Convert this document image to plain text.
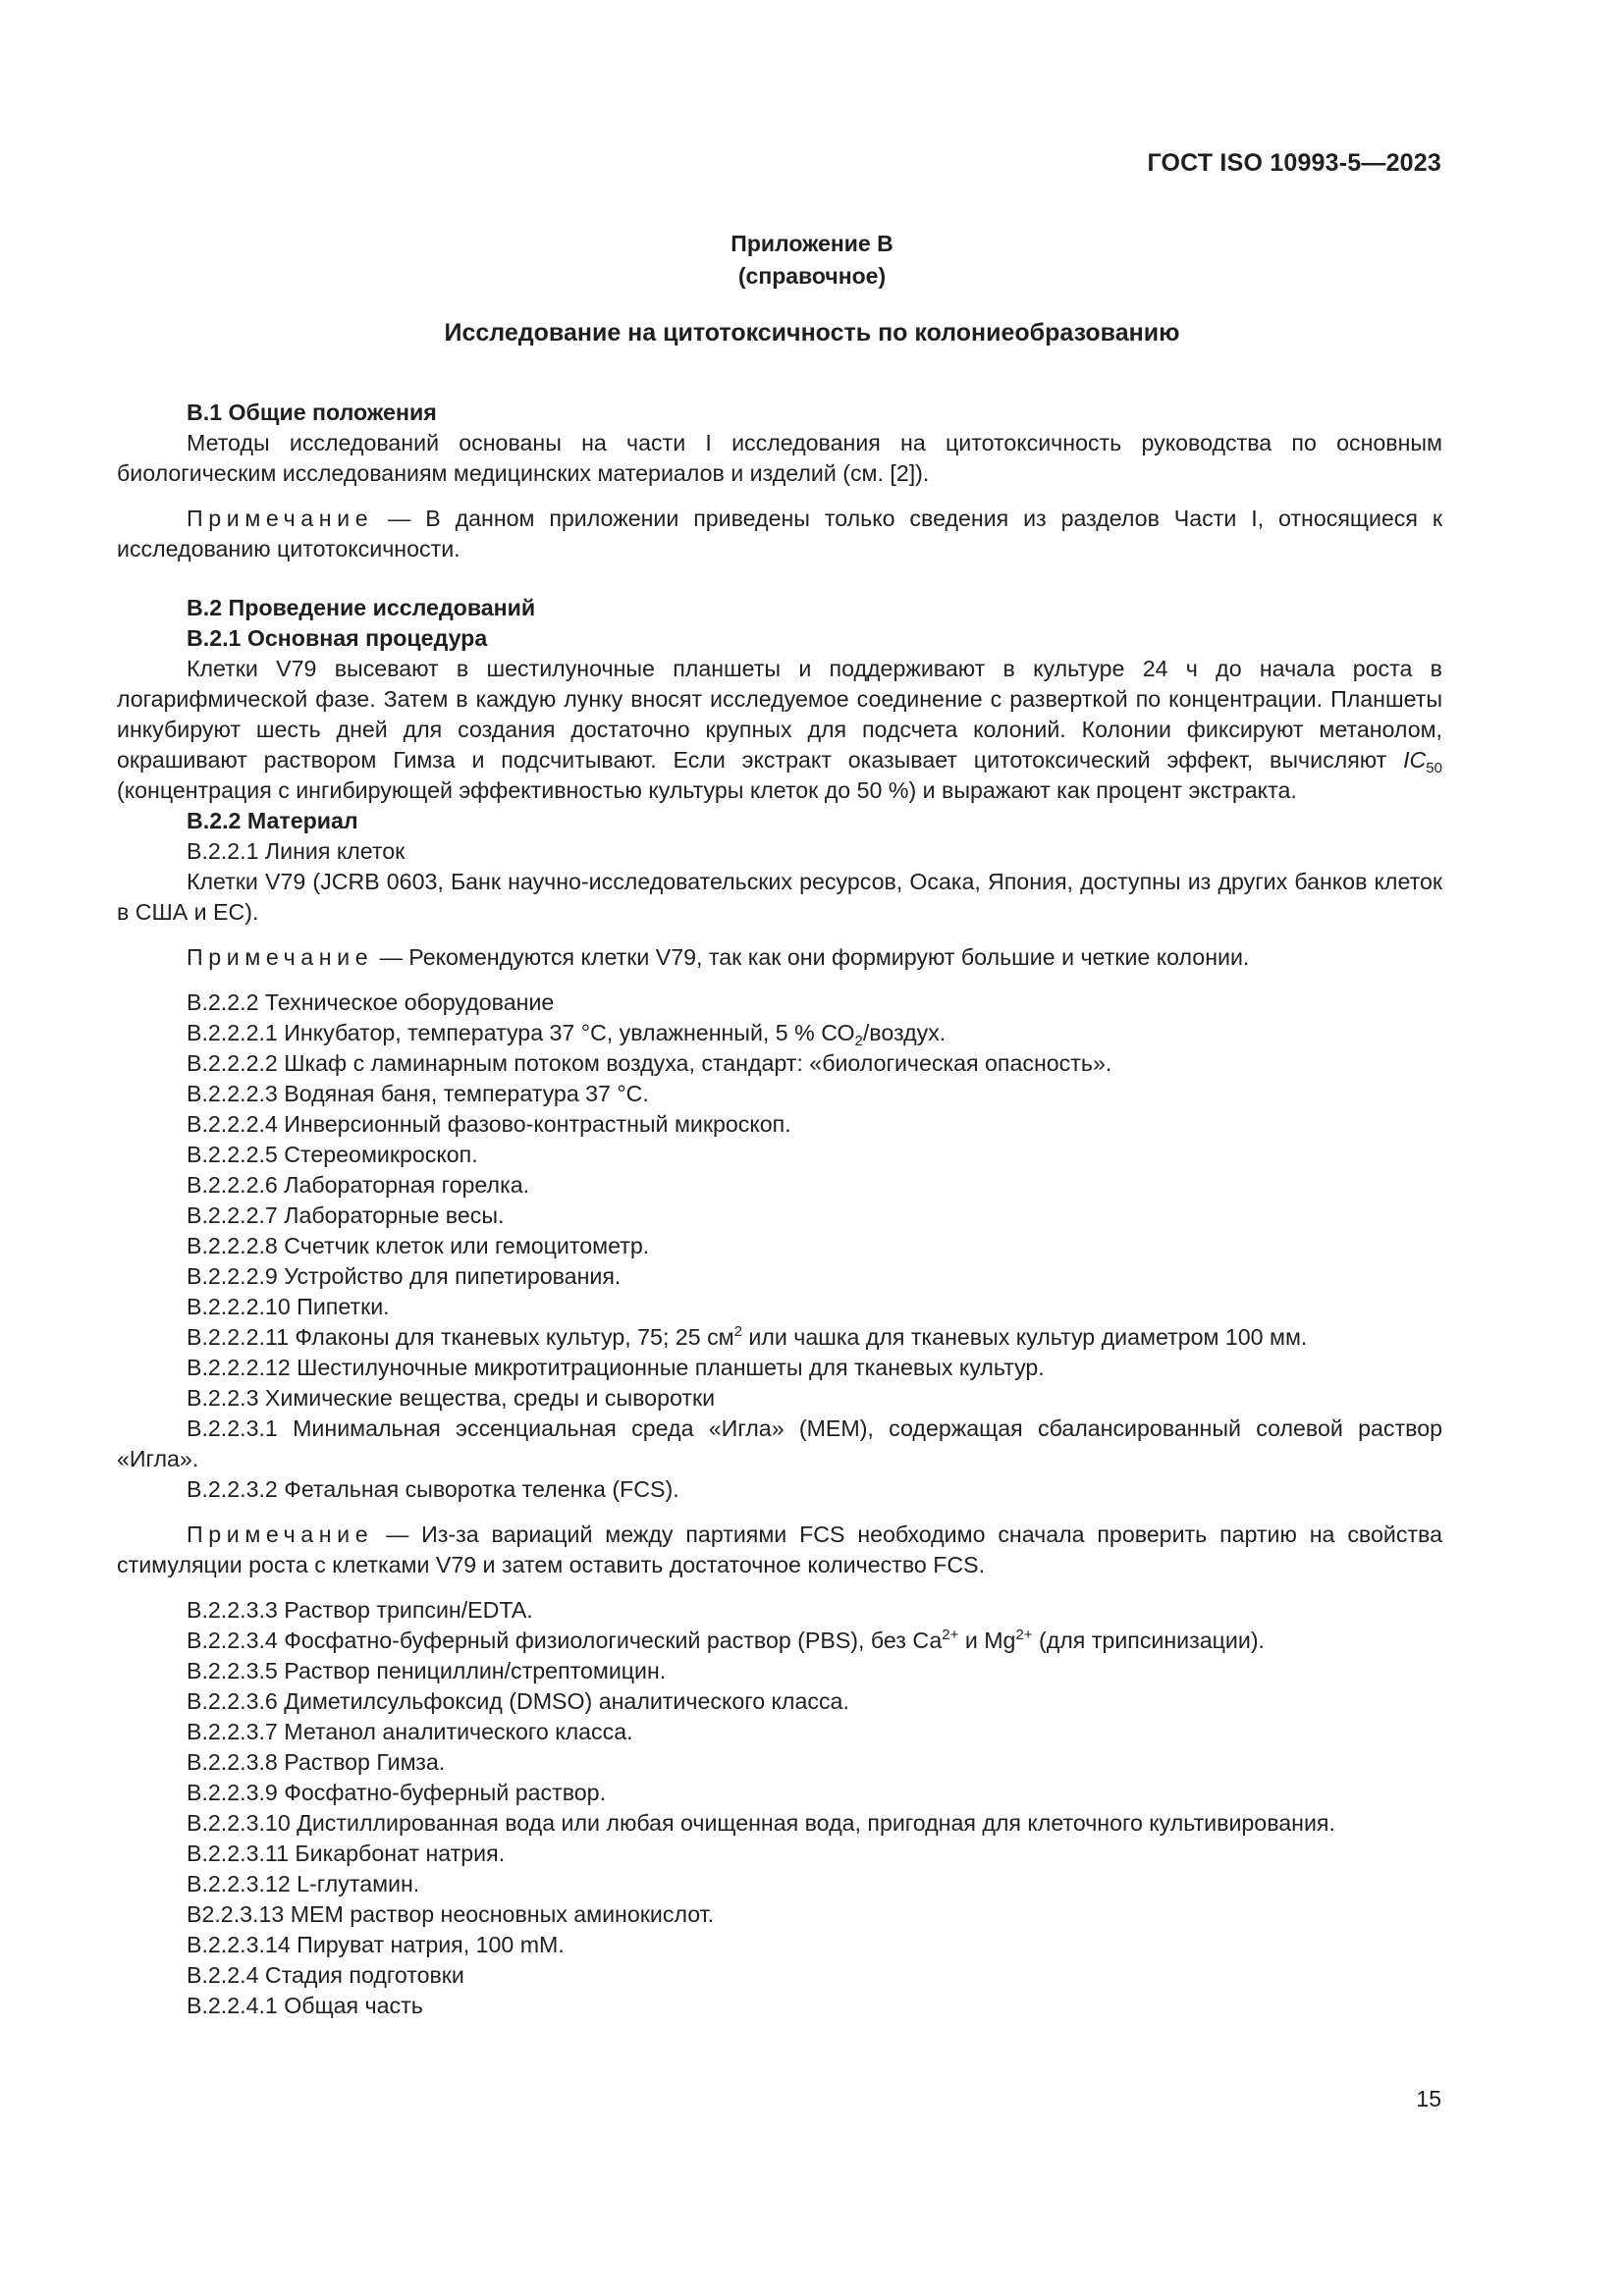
ГОСТ ISO 10993-5—2023
Приложение В
(справочное)
Исследование на цитотоксичность по колониеобразованию

В.1 Общие положения

Методы исследований основаны на части I исследования на цитотоксичность руководства по основным биологическим исследованиям медицинских материалов и изделий (см. [2]).

Примечание — В данном приложении приведены только сведения из разделов Части I, относящиеся к исследованию цитотоксичности.

В.2 Проведение исследований

В.2.1 Основная процедура

Клетки V79 высевают в шестилуночные планшеты и поддерживают в культуре 24 ч до начала роста в логарифмической фазе. Затем в каждую лунку вносят исследуемое соединение с разверткой по концентрации. Планшеты инкубируют шесть дней для создания достаточно крупных для подсчета колоний. Колонии фиксируют метанолом, окрашивают раствором Гимза и подсчитывают. Если экстракт оказывает цитотоксический эффект, вычисляют $IC_{50}$ (концентрация с ингибирующей эффективностью культуры клеток до 50 %) и выражают как процент экстракта.

В.2.2 Материал

В.2.2.1 Линия клеток

Клетки V79 (JCRB 0603, Банк научно-исследовательских ресурсов, Осака, Япония, доступны из других банков клеток в США и ЕС).

Примечание — Рекомендуются клетки V79, так как они формируют большие и четкие колонии.

В.2.2.2 Техническое оборудование

В.2.2.2.1 Инкубатор, температура 37 °С, увлажненный, 5 % $СО_2$/воздух.

В.2.2.2.2 Шкаф с ламинарным потоком воздуха, стандарт: «биологическая опасность».

В.2.2.2.3 Водяная баня, температура 37 °С.

В.2.2.2.4 Инверсионный фазово-контрастный микроскоп.

В.2.2.2.5 Стереомикроскоп.

В.2.2.2.6 Лабораторная горелка.

В.2.2.2.7 Лабораторные весы.

В.2.2.2.8 Счетчик клеток или гемоцитометр.

В.2.2.2.9 Устройство для пипетирования.

В.2.2.2.10 Пипетки.

В.2.2.2.11 Флаконы для тканевых культур, 75; 25 $см^2$ или чашка для тканевых культур диаметром 100 мм.

В.2.2.2.12 Шестилуночные микротитрационные планшеты для тканевых культур.

В.2.2.3 Химические вещества, среды и сыворотки

В.2.2.3.1 Минимальная эссенциальная среда «Игла» (МЕМ), содержащая сбалансированный солевой раствор «Игла».

В.2.2.3.2 Фетальная сыворотка теленка (FCS).

Примечание — Из-за вариаций между партиями FCS необходимо сначала проверить партию на свойства стимуляции роста с клетками V79 и затем оставить достаточное количество FCS.

В.2.2.3.3 Раствор трипсин/EDTA.

В.2.2.3.4 Фосфатно-буферный физиологический раствор (PBS), без $Са^{2+}$ и $Mg^{2+}$ (для трипсинизации).

В.2.2.3.5 Раствор пенициллин/стрептомицин.

В.2.2.3.6 Диметилсульфоксид (DMSO) аналитического класса.

В.2.2.3.7 Метанол аналитического класса.

В.2.2.3.8 Раствор Гимза.

В.2.2.3.9 Фосфатно-буферный раствор.

В.2.2.3.10 Дистиллированная вода или любая очищенная вода, пригодная для клеточного культивирования.

В.2.2.3.11 Бикарбонат натрия.

В.2.2.3.12 L-глутамин.

В2.2.3.13 МЕМ раствор неосновных аминокислот.

В.2.2.3.14 Пируват натрия, 100 mM.

В.2.2.4 Стадия подготовки

В.2.2.4.1 Общая часть

15
